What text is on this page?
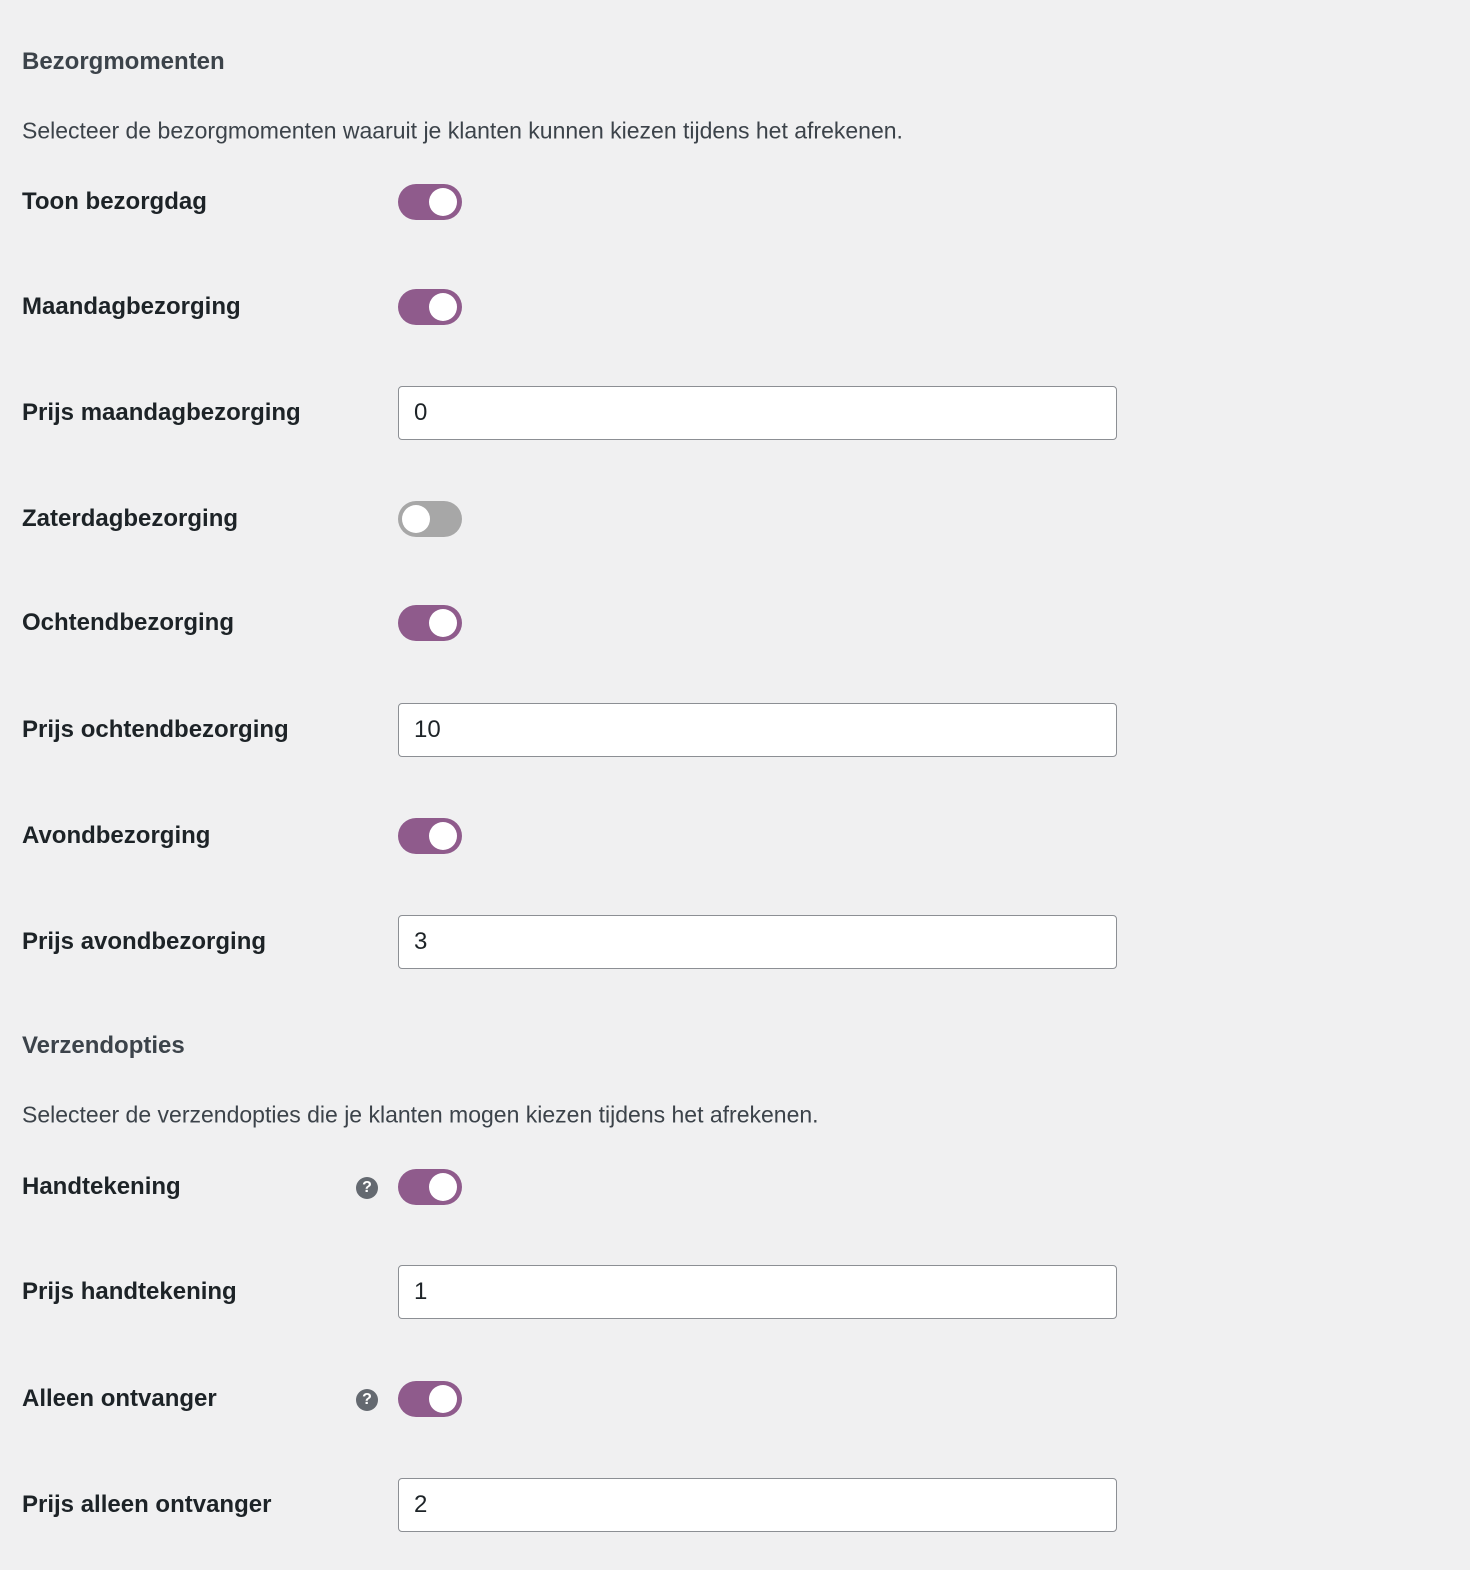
Bezorgmomenten
Selecteer de bezorgmomenten waaruit je klanten kunnen kiezen tijdens het afrekenen.
Toon bezorgdag
Maandagbezorging
Prijs maandagbezorging
0
Zaterdagbezorging
Ochtendbezorging
Prijs ochtendbezorging
10
Avondbezorging
Prijs avondbezorging
3
Verzendopties
Selecteer de verzendopties die je klanten mogen kiezen tijdens het afrekenen.
Handtekening	?
Prijs handtekening
1
Alleen ontvanger	?
Prijs alleen ontvanger
2
